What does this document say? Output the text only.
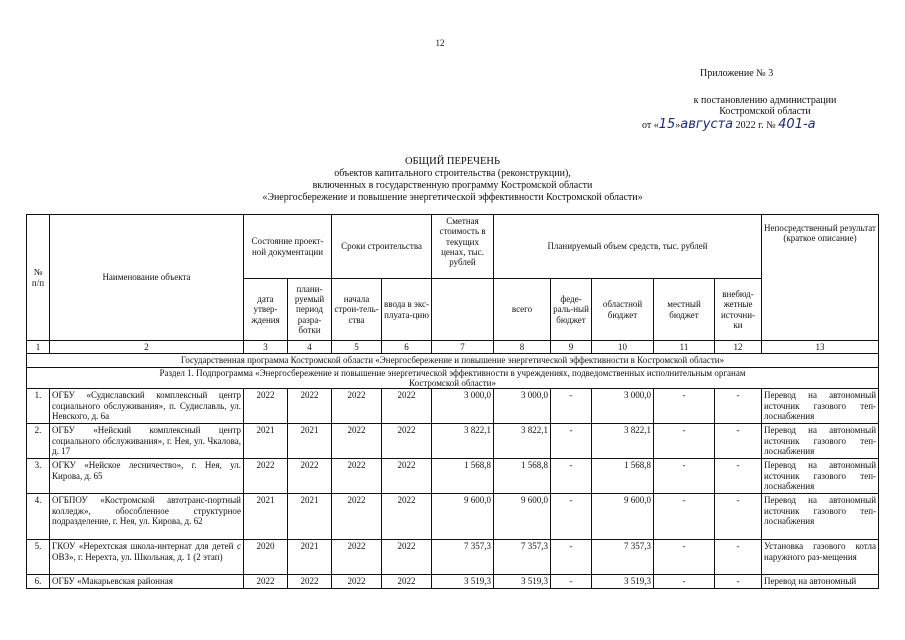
12
Приложение № 3
к постановлению администрации
Костромской области
от «15»августа 2022 г. № 401-а
ОБЩИЙ ПЕРЕЧЕНЬ
объектов капитального строительства (реконструкции),
включенных в государственную программу Костромской области
«Энергосбережение и повышение энергетической эффективности Костромской области»
№ п/п	Наименование объекта	Состояние проект-ной документации		Сроки строительства		Сметная стоимость в текущих ценах, тыс. рублей	Планируемый объем средств, тыс. рублей					Непосредственный результат (краткое описание)
		дата утвер-ждения	плани-руемый период разра-ботки	начала строи-тель-ства	ввода в экс-плуата-цию		всего	феде-раль-ный бюджет	областной бюджет	местный бюджет	внебюд-жетные источни-ки	
1	2	3	4	5	6	7	8	9	10	11	12	13
Государственная программа Костромской области «Энергосбережение и повышение энергетической эффективности в Костромской области»												
Раздел 1. Подпрограмма «Энергосбережение и повышение энергетической эффективности в учреждениях, подведомственных исполнительным органам Костромской области»												
1.	ОГБУ «Судиславский комплексный центр социального обслуживания», п. Судиславль, ул. Невского, д. 6а	2022	2022	2022	2022	3 000,0	3 000,0	-	3 000,0	-	-	Перевод на автономный источник газового теп-лоснабжения
2.	ОГБУ «Нейский комплексный центр социального обслуживания», г. Нея, ул. Чкалова, д. 17	2021	2021	2022	2022	3 822,1	3 822,1	-	3 822,1	-	-	Перевод на автономный источник газового теп-лоснабжения
3.	ОГКУ «Нейское лесничество», г. Нея, ул. Кирова, д. 65	2022	2022	2022	2022	1 568,8	1 568,8	-	1 568,8	-	-	Перевод на автономный источник газового теп-лоснабжения
4.	ОГБПОУ «Костромской автотранс-портный колледж», обособленное структурное подразделение, г. Нея, ул. Кирова, д. 62	2021	2021	2022	2022	9 600,0	9 600,0	-	9 600,0	-	-	Перевод на автономный источник газового теп-лоснабжения
5.	ГКОУ «Нерехтская школа-интернат для детей с ОВЗ», г. Нерехта, ул. Школьная, д. 1 (2 этап)	2020	2021	2022	2022	7 357,3	7 357,3	-	7 357,3	-	-	Установка газового котла наружного раз-мещения
6.	ОГБУ «Макарьевская районная	2022	2022	2022	2022	3 519,3	3 519,3	-	3 519,3	-	-	Перевод на автономный
